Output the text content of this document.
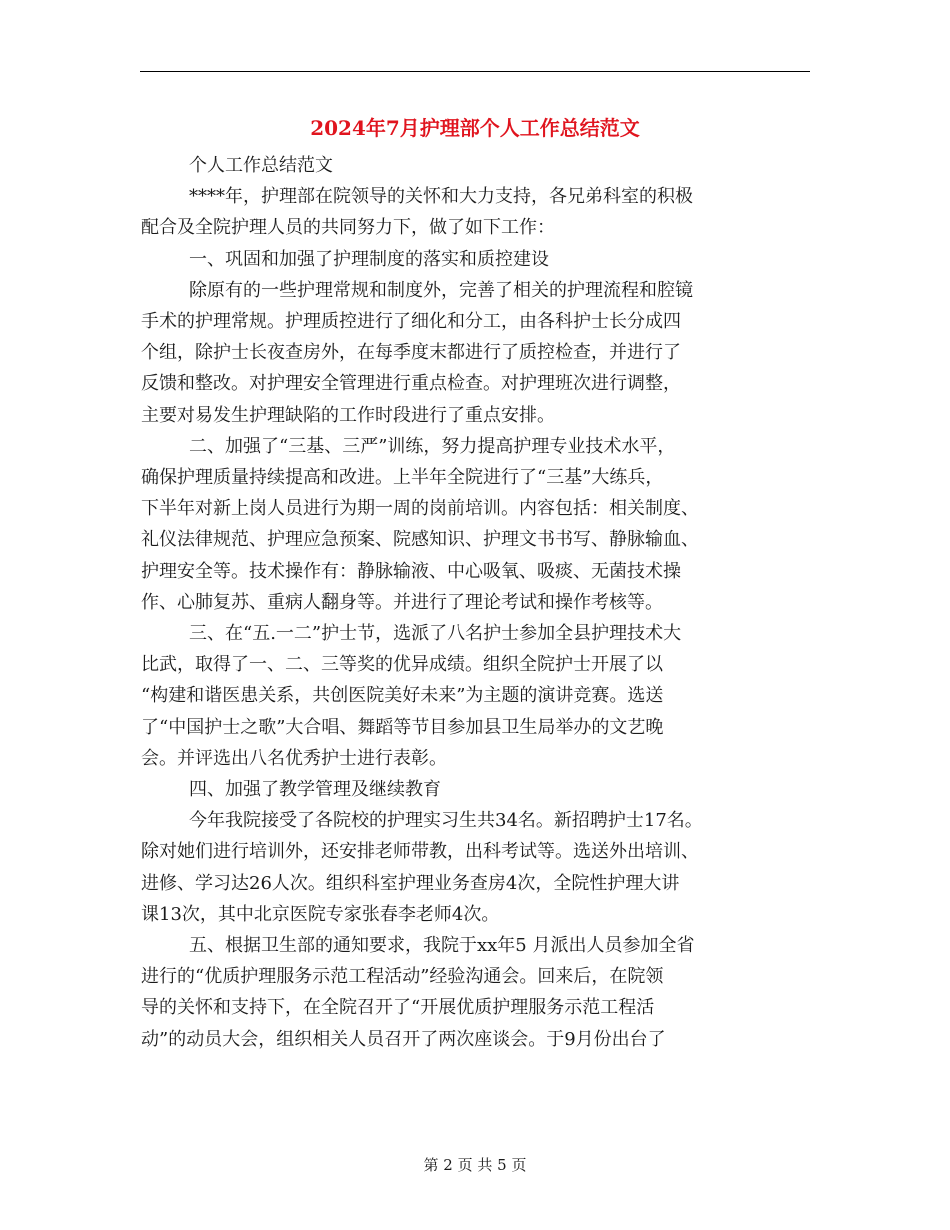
2024年7月护理部个人工作总结范文

个人工作总结范文

****年，护理部在院领导的关怀和大力支持，各兄弟科室的积极
配合及全院护理人员的共同努力下，做了如下工作：

一、巩固和加强了护理制度的落实和质控建设

除原有的一些护理常规和制度外，完善了相关的护理流程和腔镜
手术的护理常规。护理质控进行了细化和分工，由各科护士长分成四
个组，除护士长夜查房外，在每季度末都进行了质控检查，并进行了
反馈和整改。对护理安全管理进行重点检查。对护理班次进行调整，
主要对易发生护理缺陷的工作时段进行了重点安排。

二、加强了“三基、三严”训练，努力提高护理专业技术水平，
确保护理质量持续提高和改进。上半年全院进行了“三基”大练兵，
下半年对新上岗人员进行为期一周的岗前培训。内容包括：相关制度、
礼仪法律规范、护理应急预案、院感知识、护理文书书写、静脉输血、
护理安全等。技术操作有：静脉输液、中心吸氧、吸痰、无菌技术操
作、心肺复苏、重病人翻身等。并进行了理论考试和操作考核等。

三、在“五.一二”护士节，选派了八名护士参加全县护理技术大
比武，取得了一、二、三等奖的优异成绩。组织全院护士开展了以
“构建和谐医患关系，共创医院美好未来”为主题的演讲竞赛。选送
了“中国护士之歌”大合唱、舞蹈等节目参加县卫生局举办的文艺晚
会。并评选出八名优秀护士进行表彰。

四、加强了教学管理及继续教育

今年我院接受了各院校的护理实习生共34名。新招聘护士17名。
除对她们进行培训外，还安排老师带教，出科考试等。选送外出培训、
进修、学习达26人次。组织科室护理业务查房4次，全院性护理大讲
课13次，其中北京医院专家张春李老师4次。

五、根据卫生部的通知要求，我院于xx年5 月派出人员参加全省
进行的“优质护理服务示范工程活动”经验沟通会。回来后，在院领
导的关怀和支持下，在全院召开了“开展优质护理服务示范工程活
动”的动员大会，组织相关人员召开了两次座谈会。于9月份出台了

第 2 页 共 5 页
